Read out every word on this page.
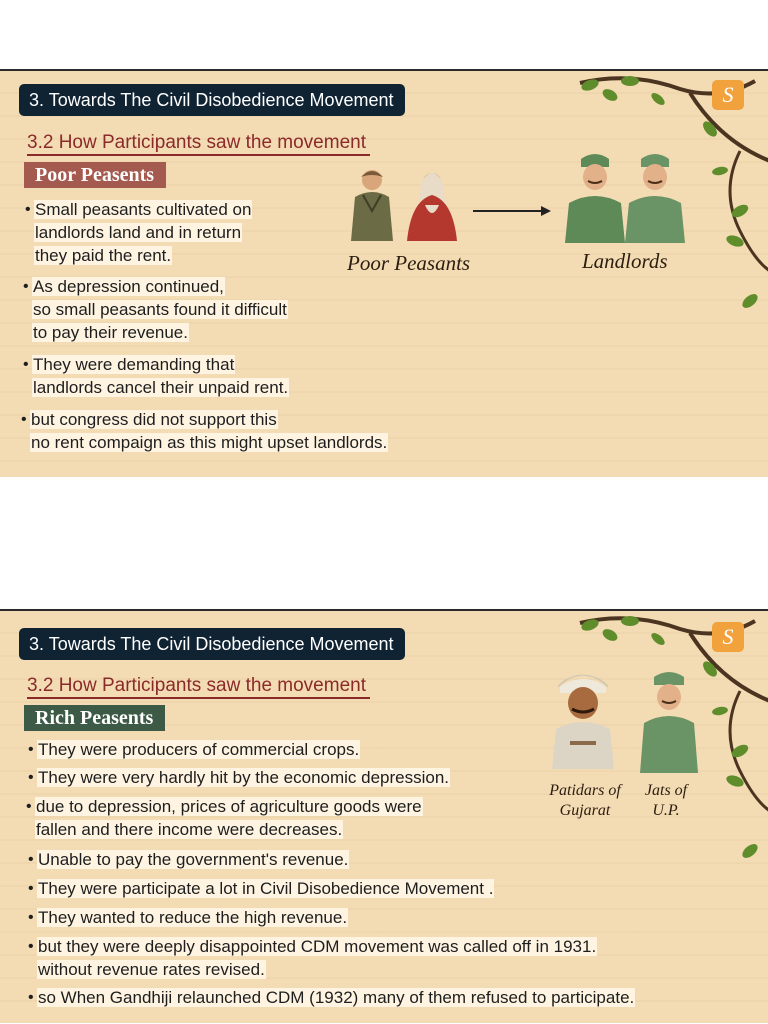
S
3. Towards The Civil Disobedience Movement
3.2 How Participants saw the movement
Poor Peasents
• Small peasants cultivated on
landlords land and in return
they paid the rent.
• As depression continued,
so small peasants found it difficult
to pay their revenue.
• They were demanding that
landlords cancel their unpaid rent.
• but congress did not support this
no rent compaign as this might upset landlords.
Poor Peasants	Landlords
S
3. Towards The Civil Disobedience Movement
3.2 How Participants saw the movement
Rich Peasents
• They were producers of commercial crops.
• They were very hardly hit by the economic depression.
• due to depression, prices of agriculture goods were
fallen and there income were decreases.
• Unable to pay the government's revenue.
• They were participate a lot in Civil Disobedience Movement .
• They wanted to reduce the high revenue.
• but they were deeply disappointed CDM movement was called off in 1931.
without revenue rates revised.
• so When Gandhiji relaunched CDM (1932) many of them refused to participate.
Patidars of
Gujarat
Jats of
U.P.
